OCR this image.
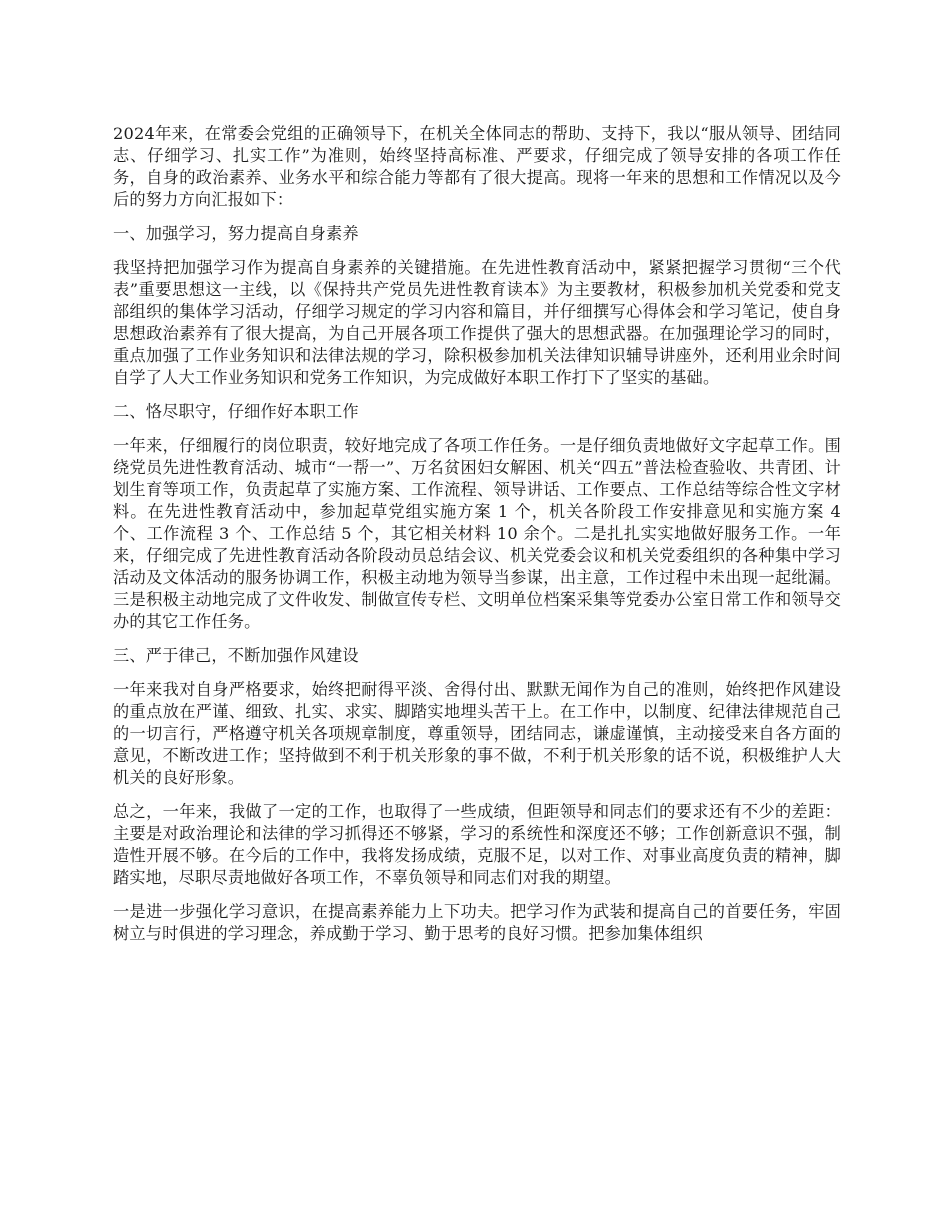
2024年来，在常委会党组的正确领导下，在机关全体同志的帮助、支持下，我以“服从领导、团结同志、仔细学习、扎实工作”为准则，始终坚持高标准、严要求，仔细完成了领导安排的各项工作任务，自身的政治素养、业务水平和综合能力等都有了很大提高。现将一年来的思想和工作情况以及今后的努力方向汇报如下：

一、加强学习，努力提高自身素养

我坚持把加强学习作为提高自身素养的关键措施。在先进性教育活动中，紧紧把握学习贯彻“三个代表”重要思想这一主线，以《保持共产党员先进性教育读本》为主要教材，积极参加机关党委和党支部组织的集体学习活动，仔细学习规定的学习内容和篇目，并仔细撰写心得体会和学习笔记，使自身思想政治素养有了很大提高，为自己开展各项工作提供了强大的思想武器。在加强理论学习的同时，重点加强了工作业务知识和法律法规的学习，除积极参加机关法律知识辅导讲座外，还利用业余时间自学了人大工作业务知识和党务工作知识，为完成做好本职工作打下了坚实的基础。

二、恪尽职守，仔细作好本职工作

一年来，仔细履行的岗位职责，较好地完成了各项工作任务。一是仔细负责地做好文字起草工作。围绕党员先进性教育活动、城市“一帮一”、万名贫困妇女解困、机关“四五”普法检查验收、共青团、计划生育等项工作，负责起草了实施方案、工作流程、领导讲话、工作要点、工作总结等综合性文字材料。在先进性教育活动中，参加起草党组实施方案 1 个，机关各阶段工作安排意见和实施方案 4 个、工作流程 3 个、工作总结 5 个，其它相关材料 10 余个。二是扎扎实实地做好服务工作。一年来，仔细完成了先进性教育活动各阶段动员总结会议、机关党委会议和机关党委组织的各种集中学习活动及文体活动的服务协调工作，积极主动地为领导当参谋，出主意，工作过程中未出现一起纰漏。三是积极主动地完成了文件收发、制做宣传专栏、文明单位档案采集等党委办公室日常工作和领导交办的其它工作任务。

三、严于律己，不断加强作风建设

一年来我对自身严格要求，始终把耐得平淡、舍得付出、默默无闻作为自己的准则，始终把作风建设的重点放在严谨、细致、扎实、求实、脚踏实地埋头苦干上。在工作中，以制度、纪律法律规范自己的一切言行，严格遵守机关各项规章制度，尊重领导，团结同志，谦虚谨慎，主动接受来自各方面的意见，不断改进工作；坚持做到不利于机关形象的事不做，不利于机关形象的话不说，积极维护人大机关的良好形象。

总之，一年来，我做了一定的工作，也取得了一些成绩，但距领导和同志们的要求还有不少的差距：主要是对政治理论和法律的学习抓得还不够紧，学习的系统性和深度还不够；工作创新意识不强，制造性开展不够。在今后的工作中，我将发扬成绩，克服不足，以对工作、对事业高度负责的精神，脚踏实地，尽职尽责地做好各项工作，不辜负领导和同志们对我的期望。

一是进一步强化学习意识，在提高素养能力上下功夫。把学习作为武装和提高自己的首要任务，牢固树立与时俱进的学习理念，养成勤于学习、勤于思考的良好习惯。把参加集体组织
